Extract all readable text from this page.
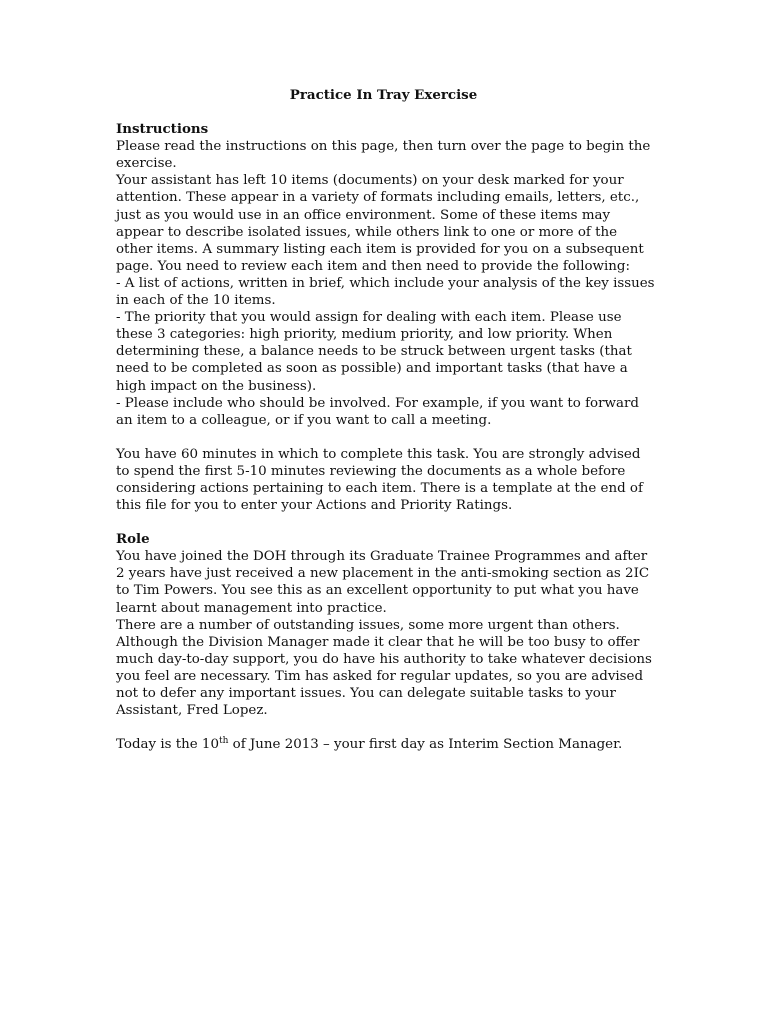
Practice In Tray Exercise
Instructions

Please read the instructions on this page, then turn over the page to begin the exercise.

Your assistant has left 10 items (documents) on your desk marked for your attention. These appear in a variety of formats including emails, letters, etc., just as you would use in an office environment. Some of these items may appear to describe isolated issues, while others link to one or more of the other items. A summary listing each item is provided for you on a subsequent page. You need to review each item and then need to provide the following:

- A list of actions, written in brief, which include your analysis of the key issues in each of the 10 items.

- The priority that you would assign for dealing with each item. Please use these 3 categories: high priority, medium priority, and low priority. When determining these, a balance needs to be struck between urgent tasks (that need to be completed as soon as possible) and important tasks (that have a high impact on the business).

- Please include who should be involved. For example, if you want to forward an item to a colleague, or if you want to call a meeting.

You have 60 minutes in which to complete this task. You are strongly advised to spend the first 5-10 minutes reviewing the documents as a whole before considering actions pertaining to each item. There is a template at the end of this file for you to enter your Actions and Priority Ratings.

Role

You have joined the DOH through its Graduate Trainee Programmes and after 2 years have just received a new placement in the anti-smoking section as 2IC to Tim Powers. You see this as an excellent opportunity to put what you have learnt about management into practice.

There are a number of outstanding issues, some more urgent than others. Although the Division Manager made it clear that he will be too busy to offer much day-to-day support, you do have his authority to take whatever decisions you feel are necessary. Tim has asked for regular updates, so you are advised not to defer any important issues. You can delegate suitable tasks to your Assistant, Fred Lopez.

Today is the 10th of June 2013 – your first day as Interim Section Manager.
